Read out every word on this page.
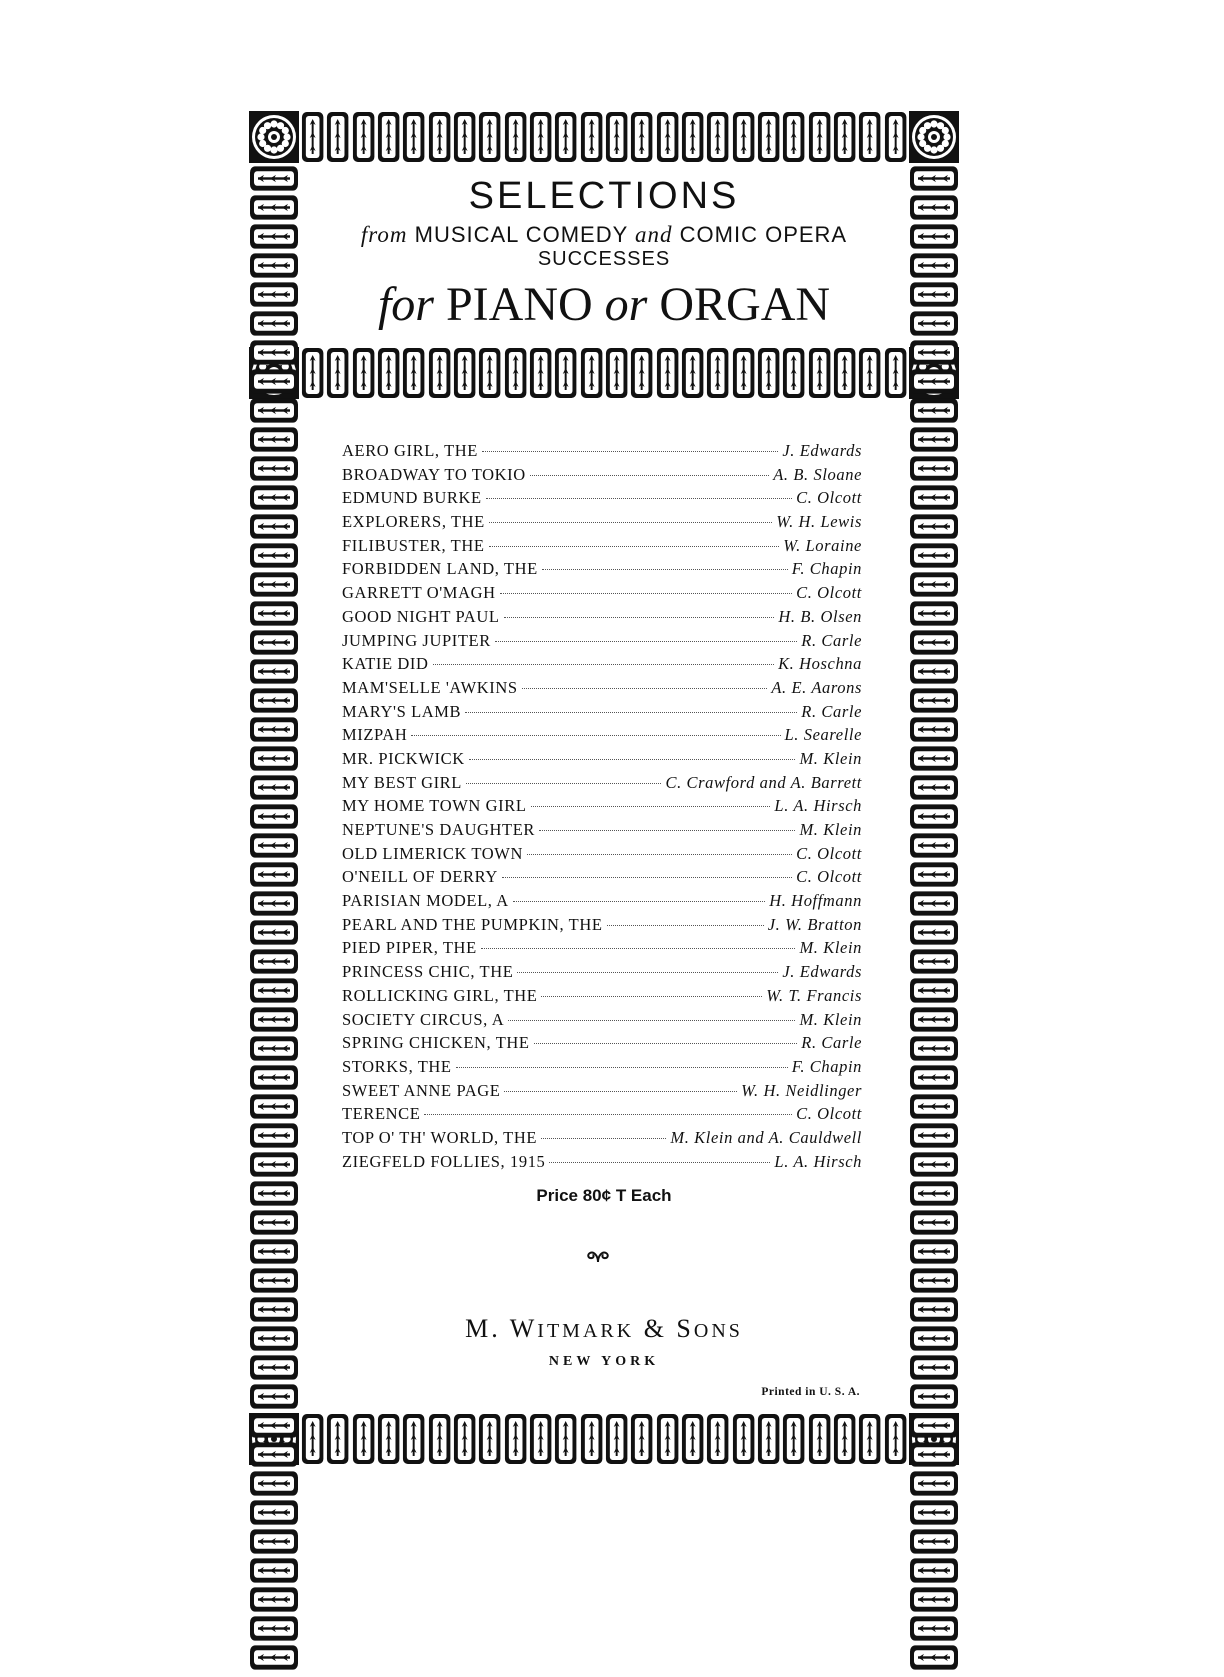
SELECTIONS
from MUSICAL COMEDY and COMIC OPERA
SUCCESSES
for PIANO or ORGAN
AERO GIRL, THE	J. Edwards
BROADWAY TO TOKIO	A. B. Sloane
EDMUND BURKE	C. Olcott
EXPLORERS, THE	W. H. Lewis
FILIBUSTER, THE	W. Loraine
FORBIDDEN LAND, THE	F. Chapin
GARRETT O'MAGH	C. Olcott
GOOD NIGHT PAUL	H. B. Olsen
JUMPING JUPITER	R. Carle
KATIE DID	K. Hoschna
MAM'SELLE 'AWKINS	A. E. Aarons
MARY'S LAMB	R. Carle
MIZPAH	L. Searelle
MR. PICKWICK	M. Klein
MY BEST GIRL	C. Crawford and A. Barrett
MY HOME TOWN GIRL	L. A. Hirsch
NEPTUNE'S DAUGHTER	M. Klein
OLD LIMERICK TOWN	C. Olcott
O'NEILL OF DERRY	C. Olcott
PARISIAN MODEL, A	H. Hoffmann
PEARL AND THE PUMPKIN, THE	J. W. Bratton
PIED PIPER, THE	M. Klein
PRINCESS CHIC, THE	J. Edwards
ROLLICKING GIRL, THE	W. T. Francis
SOCIETY CIRCUS, A	M. Klein
SPRING CHICKEN, THE	R. Carle
STORKS, THE	F. Chapin
SWEET ANNE PAGE	W. H. Neidlinger
TERENCE	C. Olcott
TOP O' TH' WORLD, THE	M. Klein and A. Cauldwell
ZIEGFELD FOLLIES, 1915	L. A. Hirsch
Price 80¢ T Each
M. WITMARK & SONS
NEW YORK
Printed in U. S. A.
